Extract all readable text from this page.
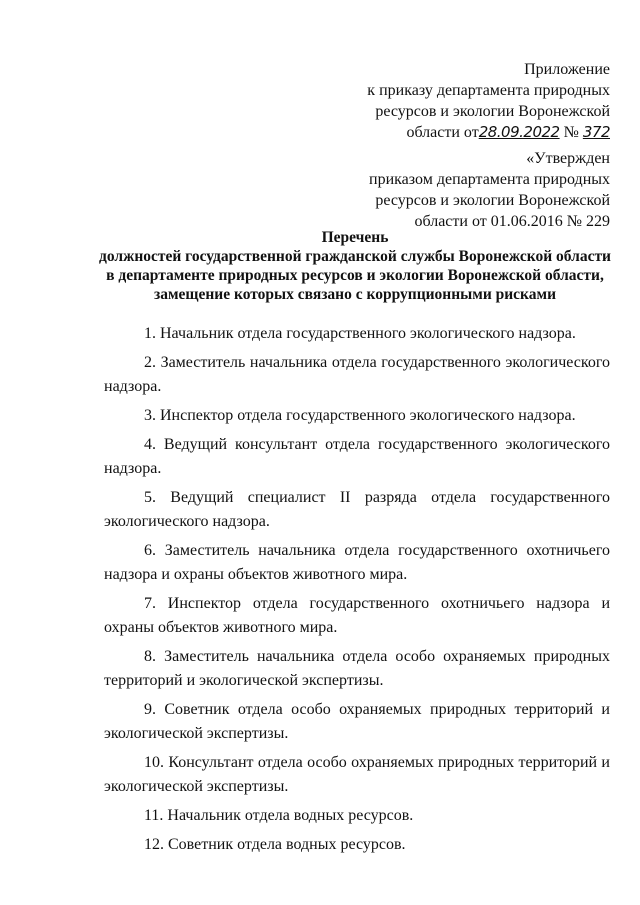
Приложение
к приказу департамента природных
ресурсов и экологии Воронежской
области от28.09.2022 № 372
«Утвержден
приказом департамента природных
ресурсов и экологии Воронежской
области от 01.06.2016 № 229
Перечень
должностей государственной гражданской службы Воронежской области
в департаменте природных ресурсов и экологии Воронежской области,
замещение которых связано с коррупционными рисками

1. Начальник отдела государственного экологического надзора.

2. Заместитель начальника отдела государственного экологического надзора.

3. Инспектор отдела государственного экологического надзора.

4. Ведущий консультант отдела государственного экологического надзора.

5. Ведущий специалист II разряда отдела государственного экологического надзора.

6. Заместитель начальника отдела государственного охотничьего надзора и охраны объектов животного мира.

7. Инспектор отдела государственного охотничьего надзора и охраны объектов животного мира.

8. Заместитель начальника отдела особо охраняемых природных территорий и экологической экспертизы.

9. Советник отдела особо охраняемых природных территорий и экологической экспертизы.

10. Консультант отдела особо охраняемых природных территорий и экологической экспертизы.

11. Начальник отдела водных ресурсов.

12. Советник отдела водных ресурсов.
